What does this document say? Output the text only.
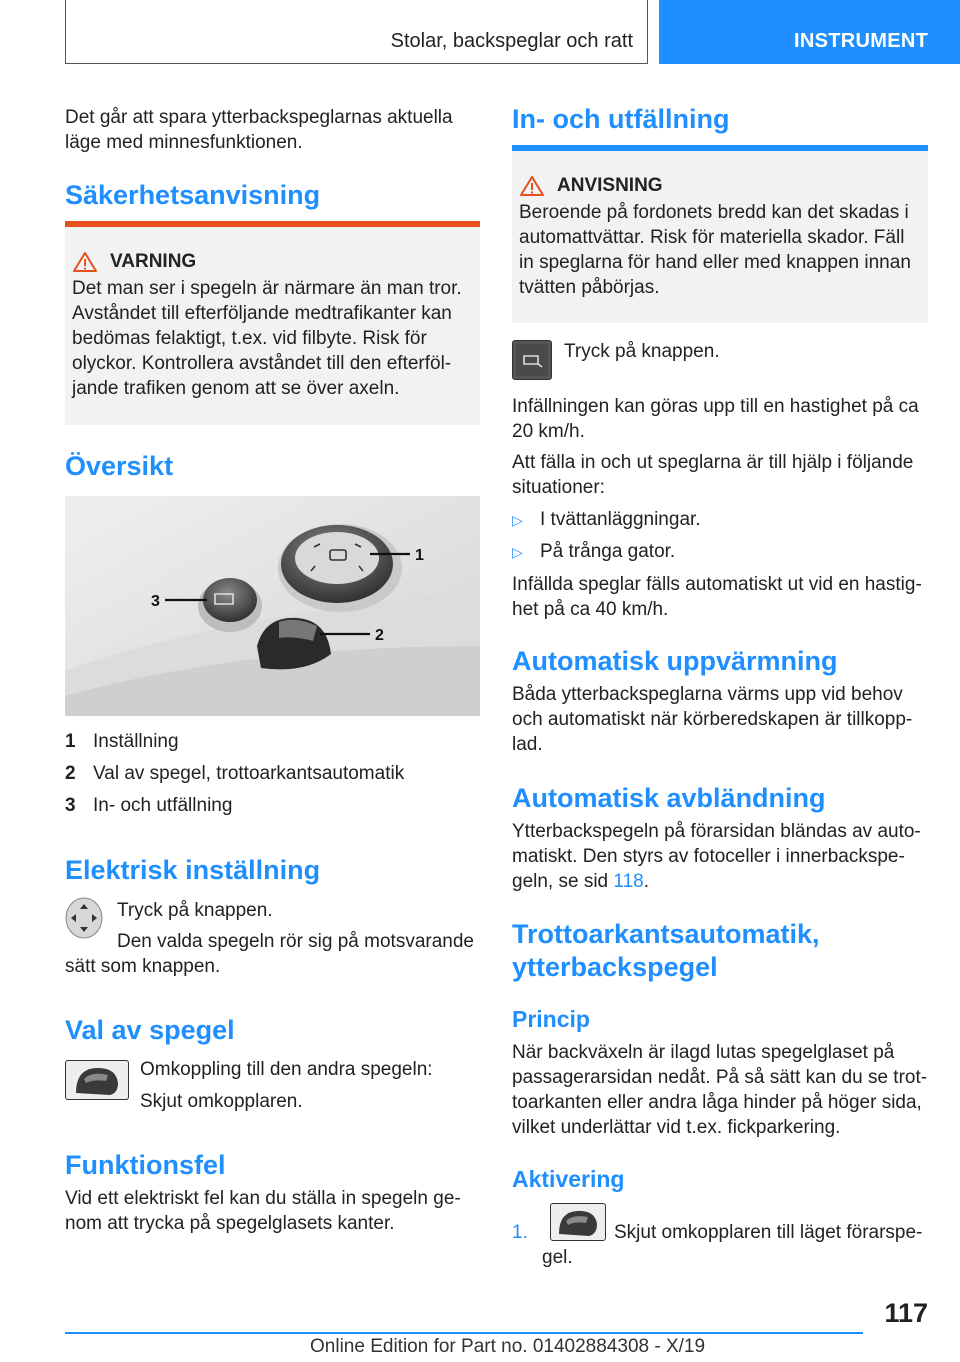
Stolar, backspeglar och ratt	INSTRUMENT

Det går att spara ytterbackspeglarnas aktuella läge med minnesfunktionen.

Säkerhetsanvisning
VARNING

Det man ser i spegeln är närmare än man tror. Avståndet till efterföljande medtrafikanter kan bedömas felaktigt, t.ex. vid filbyte. Risk för olyckor. Kontrollera avståndet till den efterföl-jande trafiken genom att se över axeln.

Översikt
1
2
3
1 Inställning
2 Val av spegel, trottoarkantsautomatik
3 In- och utfällning
Elektrisk inställning

Tryck på knappen.

Den valda spegeln rör sig på motsvarande sätt som knappen.

Val av spegel

Omkoppling till den andra spegeln:

Skjut omkopplaren.

Funktionsfel

Vid ett elektriskt fel kan du ställa in spegeln ge-nom att trycka på spegelglasets kanter.

In- och utfällning
ANVISNING

Beroende på fordonets bredd kan det skadas i automattvättar. Risk för materiella skador. Fäll in speglarna för hand eller med knappen innan tvätten påbörjas.

Tryck på knappen.

Infällningen kan göras upp till en hastighet på ca 20 km/h.

Att fälla in och ut speglarna är till hjälp i följande situationer:

▷ I tvättanläggningar.

▷ På trånga gator.

Infällda speglar fälls automatiskt ut vid en hastig-het på ca 40 km/h.

Automatisk uppvärmning

Båda ytterbackspeglarna värms upp vid behov och automatiskt när körberedskapen är tillkopp-lad.

Automatisk avbländning

Ytterbackspegeln på förarsidan bländas av auto-matiskt. Den styrs av fotoceller i innerbackspe-geln, se sid 118.

Trottoarkantsautomatik, ytterbackspegel
Princip

När backväxeln är ilagd lutas spegelglaset på passagerarsidan nedåt. På så sätt kan du se trot-toarkanten eller andra låga hinder på höger sida, vilket underlättar vid t.ex. fickparkering.

Aktivering
1.	Skjut omkopplaren till läget förarspe-gel.

117
Online Edition for Part no. 01402884308 - X/19
